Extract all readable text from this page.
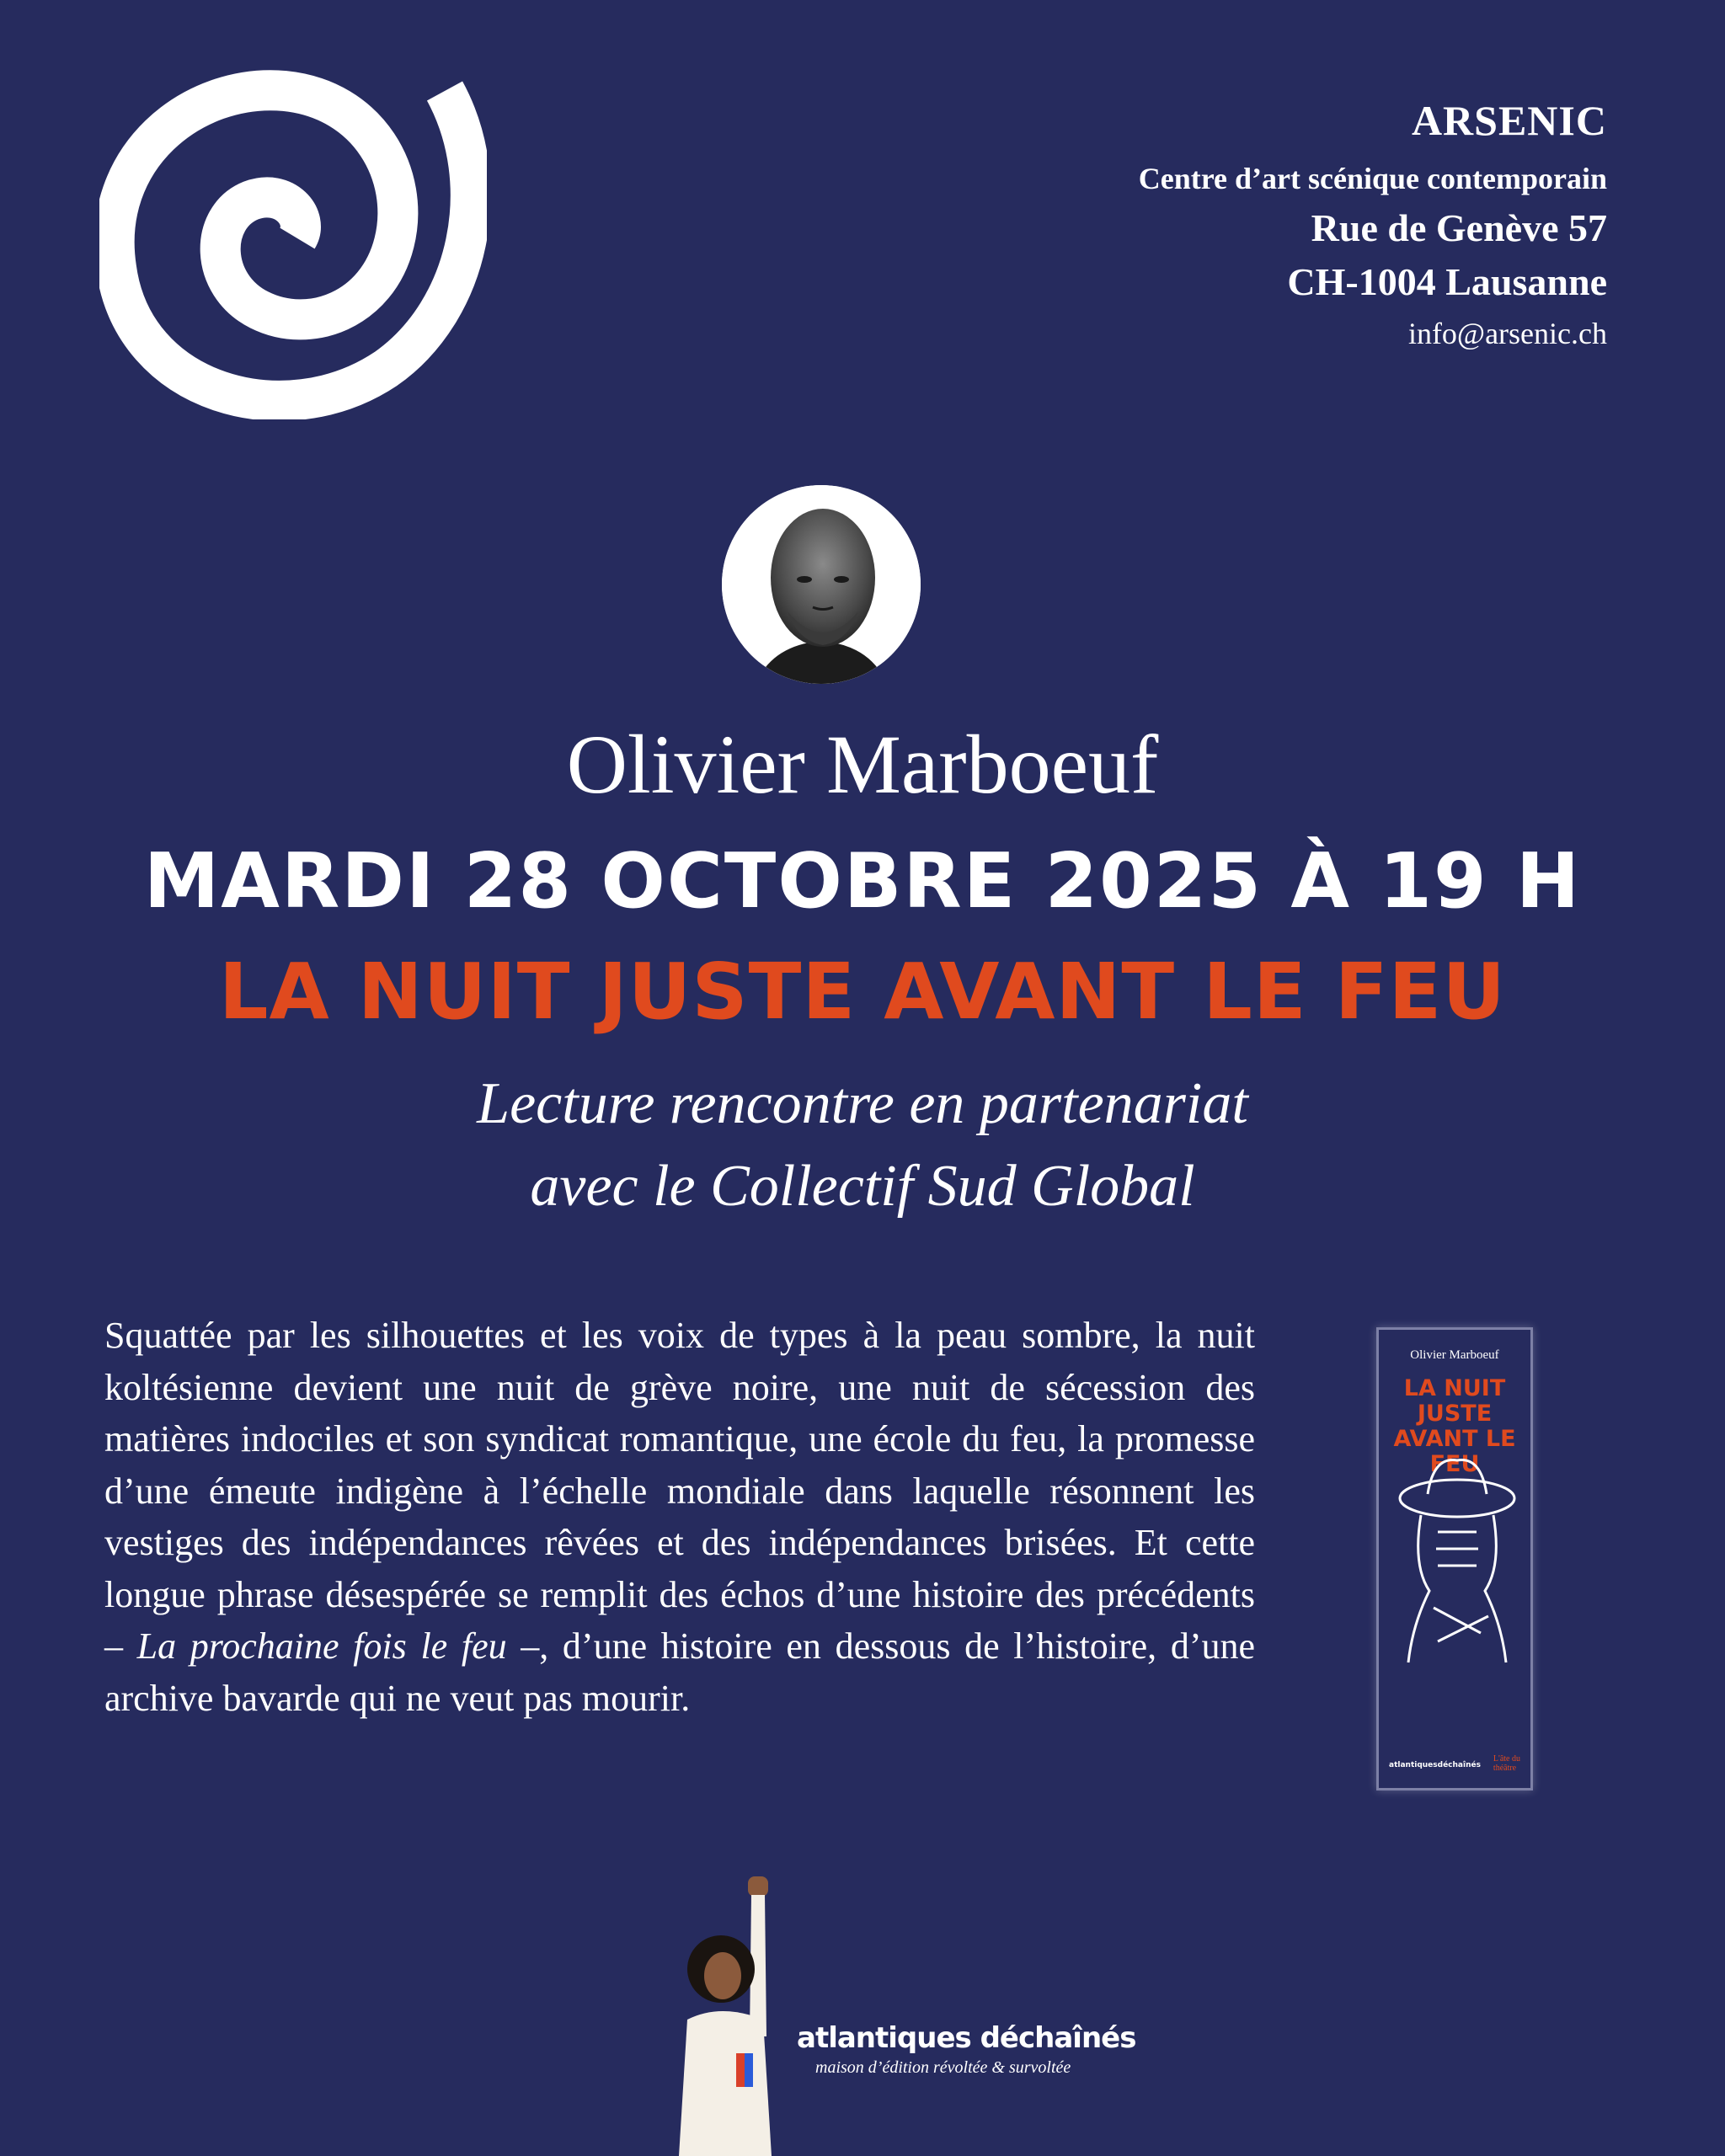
ARSENIC
Centre d’art scénique contemporain
Rue de Genève 57
CH-1004 Lausanne
info@arsenic.ch
Olivier Marboeuf
MARDI 28 OCTOBRE 2025 À 19 H
LA NUIT JUSTE AVANT LE FEU
Lecture rencontre en partenariat
avec le Collectif Sud Global

Squattée par les silhouettes et les voix de types à la peau sombre, la nuit koltésienne devient une nuit de grève noire, une nuit de sécession des matières indociles et son syndicat romantique, une école du feu, la promesse d’une émeute indigène à l’échelle mondiale dans laquelle résonnent les vestiges des indépendances rêvées et des indépendances brisées. Et cette longue phrase désespérée se remplit des échos d’une histoire des précédents – La prochaine fois le feu –, d’une histoire en dessous de l’histoire, d’une archive bavarde qui ne veut pas mourir.

Olivier Marboeuf
LA NUIT JUSTE
AVANT LE FEU
atlantiquesdéchaînés
L'âte du
théâtre
atlantiques déchaînés
maison d’édition révoltée & survoltée
